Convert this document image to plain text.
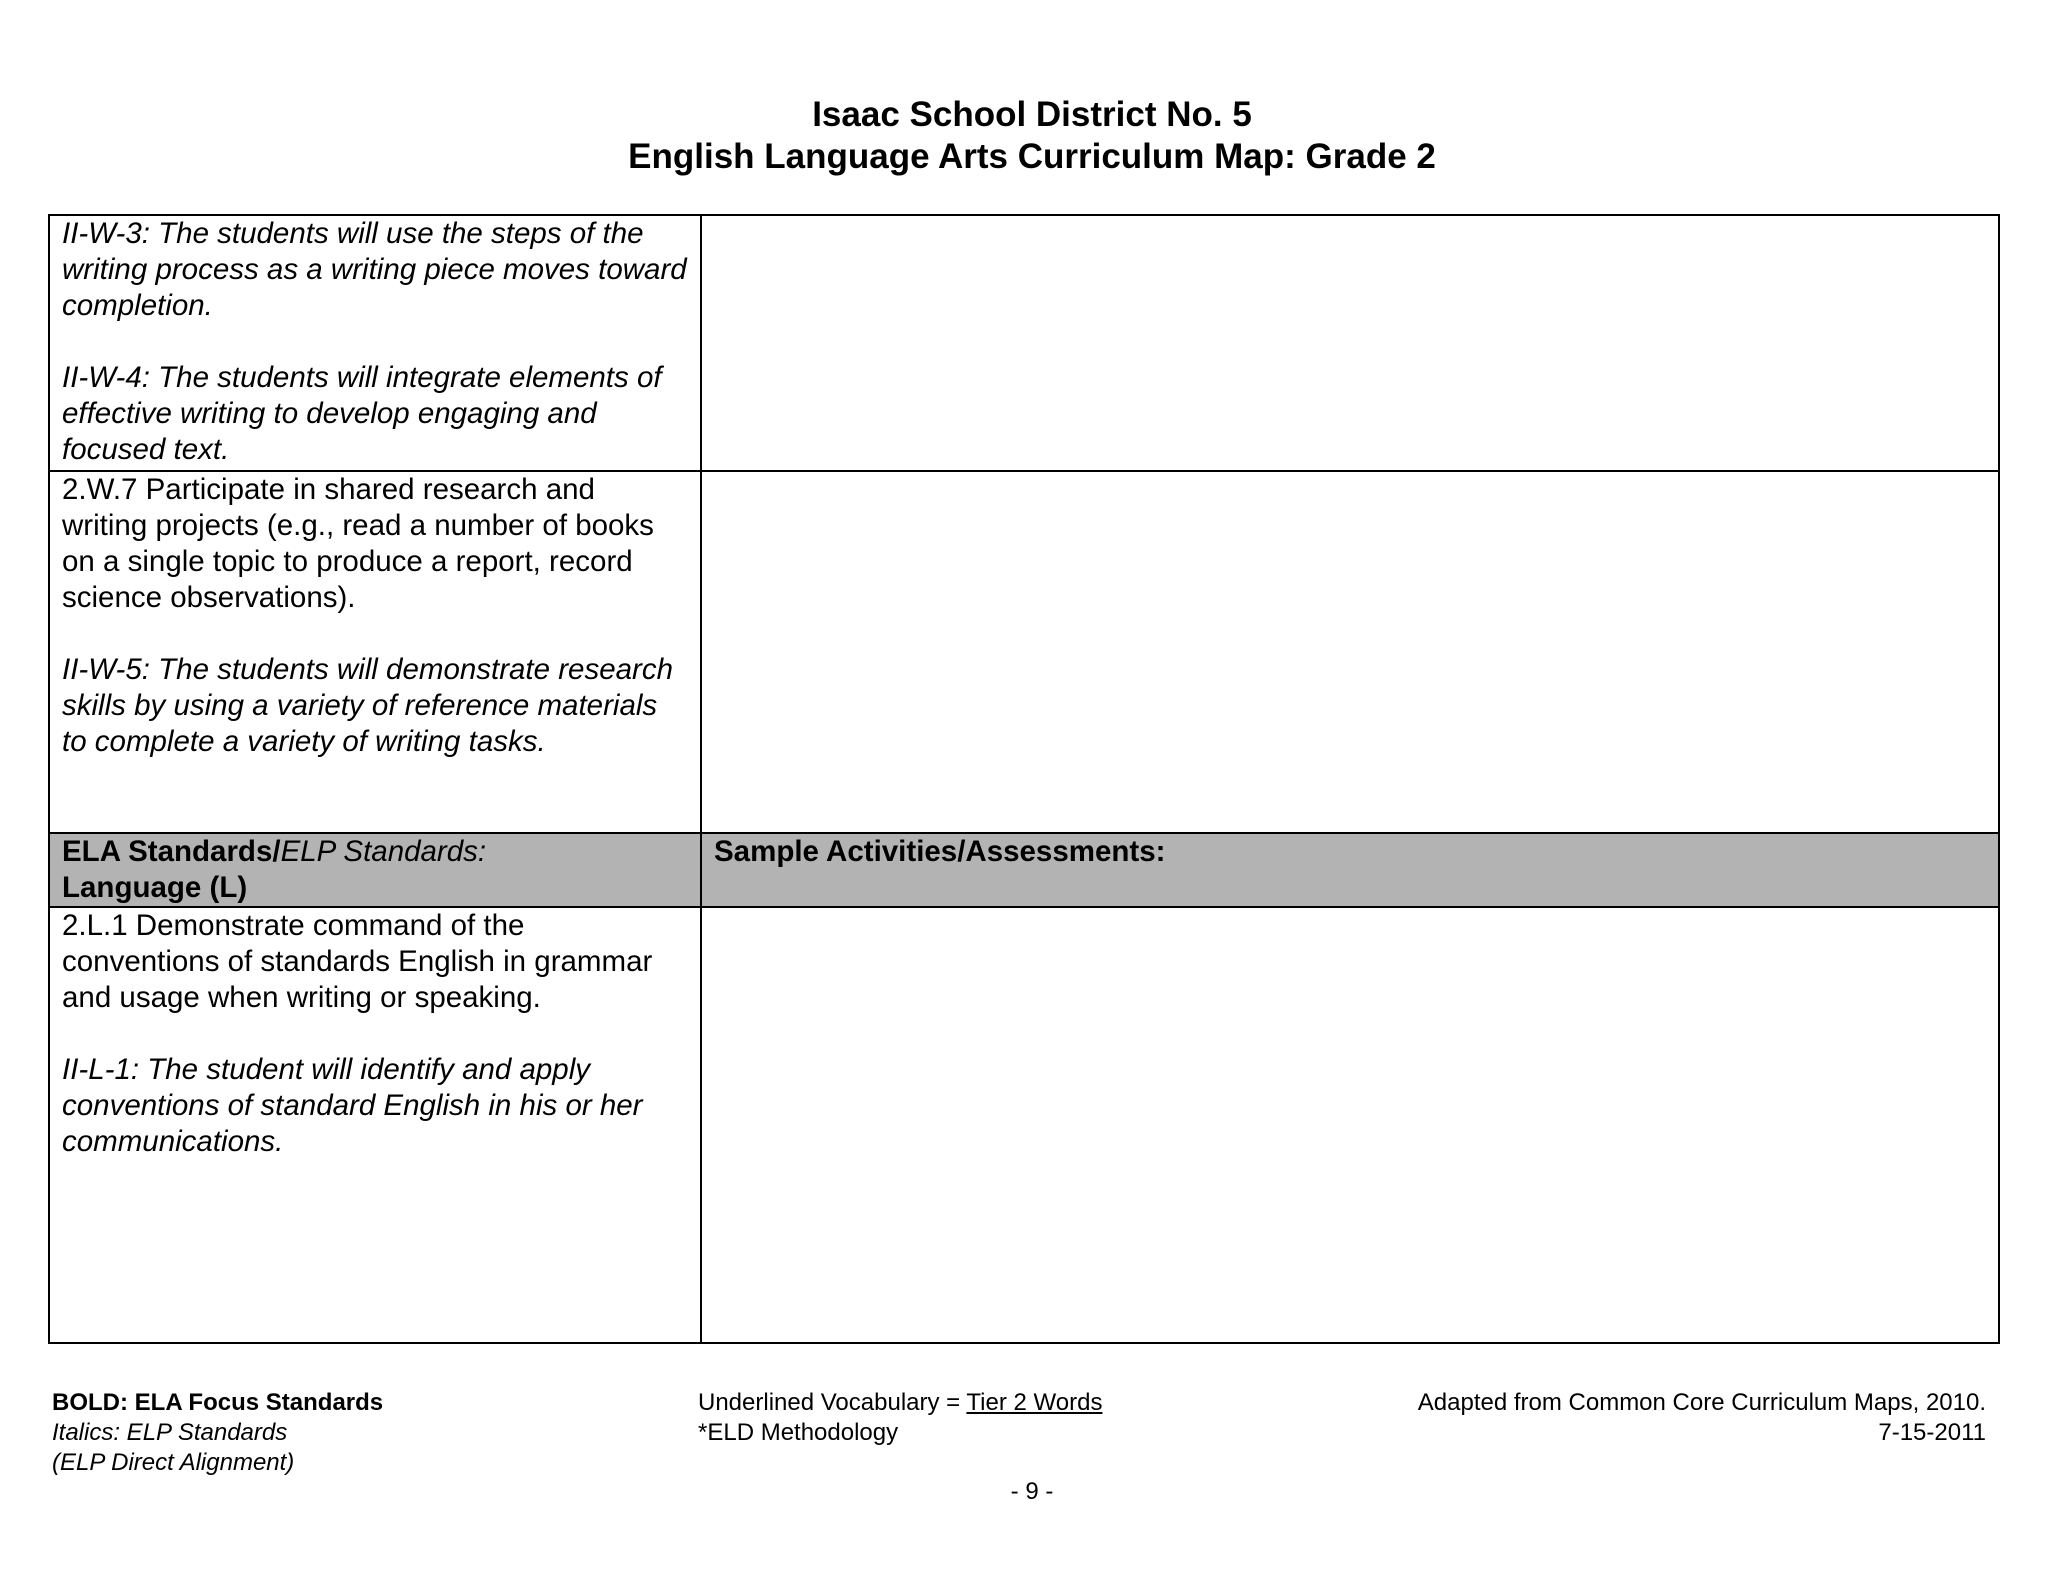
Isaac School District No. 5
English Language Arts Curriculum Map: Grade 2
II-W-3: The students will use the steps of the writing process as a writing piece moves toward completion.
II-W-4: The students will integrate elements of effective writing to develop engaging and focused text.	

2.W.7 Participate in shared research and writing projects (e.g., read a number of books on a single topic to produce a report, record science observations).
II-W-5: The students will demonstrate research skills by using a variety of reference materials to complete a variety of writing tasks.	

ELA Standards/ELP Standards:
Language (L)	Sample Activities/Assessments:

2.L.1 Demonstrate command of the conventions of standards English in grammar and usage when writing or speaking.
II-L-1: The student will identify and apply conventions of standard English in his or her communications.	

BOLD: ELA Focus Standards
Italics: ELP Standards
(ELP Direct Alignment)
Underlined Vocabulary = Tier 2 Words
*ELD Methodology
Adapted from Common Core Curriculum Maps, 2010.
7-15-2011
- 9 -
